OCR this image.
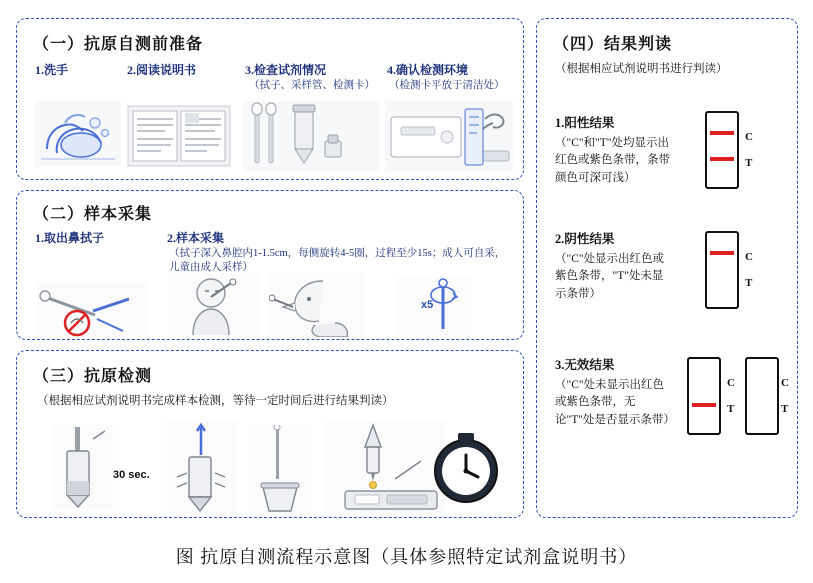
（一）抗原自测前准备
1.洗手	2.阅读说明书	3.检查试剂情况
（拭子、采样管、检测卡）
4.确认检测环境
（检测卡平放于清洁处）
（二）样本采集
1.取出鼻拭子	2.样本采集
（拭子深入鼻腔内1-1.5cm，每侧旋转4-5圈，过程至少15s；成人可自采，儿童由成人采样）
x5
（三）抗原检测
（根据相应试剂说明书完成样本检测，等待一定时间后进行结果判读）
30 sec.
（四）结果判读
（根据相应试剂说明书进行判读）
1.阳性结果
（"C"和"T"处均显示出红色或紫色条带，条带颜色可深可浅）
C
T
2.阴性结果
（"C"处显示出红色或紫色条带，"T"处未显示条带）
C
T
3.无效结果
（"C"处未显示出红色或紫色条带，无论"T"处是否显示条带）
C
T
C
T
图 抗原自测流程示意图（具体参照特定试剂盒说明书）
